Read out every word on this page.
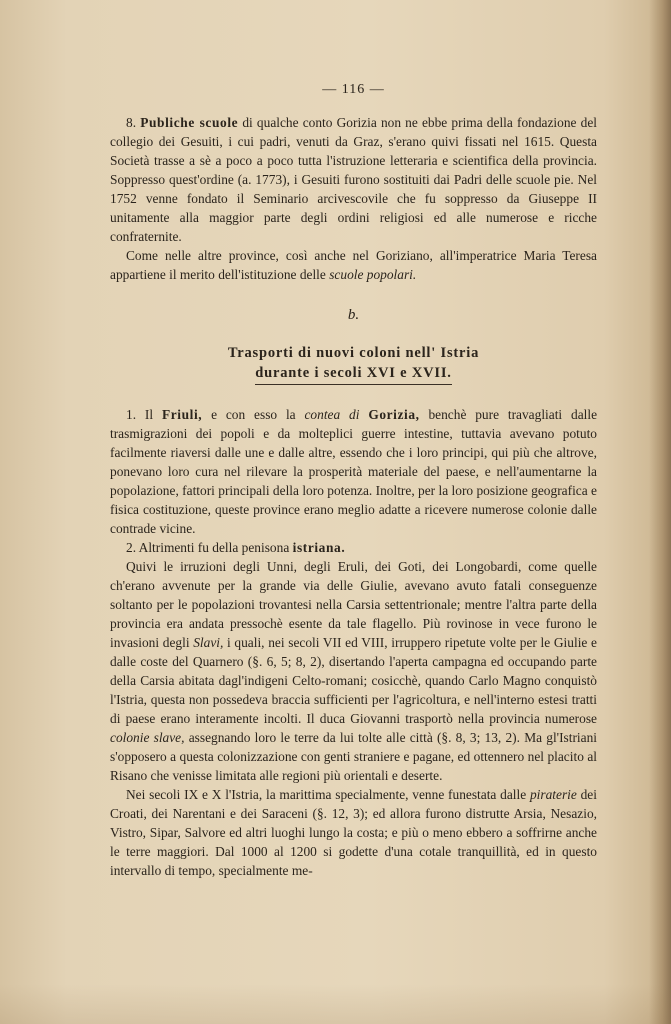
— 116 —

8. Publiche scuole di qualche conto Gorizia non ne ebbe prima della fondazione del collegio dei Gesuiti, i cui padri, venuti da Graz, s'erano quivi fissati nel 1615. Questa Società trasse a sè a poco a poco tutta l'istruzione letteraria e scientifica della provincia. Soppresso quest'ordine (a. 1773), i Gesuiti furono sostituiti dai Padri delle scuole pie. Nel 1752 venne fondato il Seminario arcivescovile che fu soppresso da Giuseppe II unitamente alla maggior parte degli ordini religiosi ed alle numerose e ricche confraternite.

Come nelle altre province, così anche nel Goriziano, all'imperatrice Maria Teresa appartiene il merito dell'istituzione delle scuole popolari.

b.
Trasporti di nuovi coloni nell' Istria
durante i secoli XVI e XVII.

1. Il Friuli, e con esso la contea di Gorizia, benchè pure travagliati dalle trasmigrazioni dei popoli e da molteplici guerre intestine, tuttavia avevano potuto facilmente riaversi dalle une e dalle altre, essendo che i loro principi, qui più che altrove, ponevano loro cura nel rilevare la prosperità materiale del paese, e nell'aumentarne la popolazione, fattori principali della loro potenza. Inoltre, per la loro posizione geografica e fisica costituzione, queste province erano meglio adatte a ricevere numerose colonie dalle contrade vicine.

2. Altrimenti fu della penisona istriana.

Quivi le irruzioni degli Unni, degli Eruli, dei Goti, dei Longobardi, come quelle ch'erano avvenute per la grande via delle Giulie, avevano avuto fatali conseguenze soltanto per le popolazioni trovantesi nella Carsia settentrionale; mentre l'altra parte della provincia era andata pressochè esente da tale flagello. Più rovinose in vece furono le invasioni degli Slavi, i quali, nei secoli VII ed VIII, irruppero ripetute volte per le Giulie e dalle coste del Quarnero (§. 6, 5; 8, 2), disertando l'aperta campagna ed occupando parte della Carsia abitata dagl'indigeni Celto-romani; cosicchè, quando Carlo Magno conquistò l'Istria, questa non possedeva braccia sufficienti per l'agricoltura, e nell'interno estesi tratti di paese erano interamente incolti. Il duca Giovanni trasportò nella provincia numerose colonie slave, assegnando loro le terre da lui tolte alle città (§. 8, 3; 13, 2). Ma gl'Istriani s'opposero a questa colonizzazione con genti straniere e pagane, ed ottennero nel placito al Risano che venisse limitata alle regioni più orientali e deserte.

Nei secoli IX e X l'Istria, la marittima specialmente, venne funestata dalle piraterie dei Croati, dei Narentani e dei Saraceni (§. 12, 3); ed allora furono distrutte Arsia, Nesazio, Vistro, Sipar, Salvore ed altri luoghi lungo la costa; e più o meno ebbero a soffrirne anche le terre maggiori. Dal 1000 al 1200 si godette d'una cotale tranquillità, ed in questo intervallo di tempo, specialmente me-
